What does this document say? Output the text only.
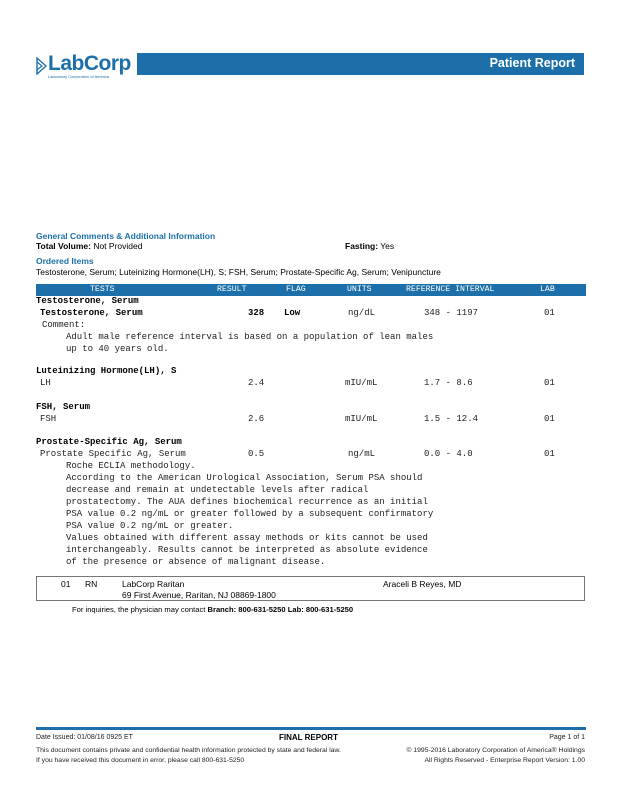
LabCorp
Laboratory Corporation of America
Patient Report
General Comments & Additional Information
Total Volume: Not Provided	Fasting: Yes
Ordered Items
Testosterone, Serum; Luteinizing Hormone(LH), S; FSH, Serum; Prostate-Specific Ag, Serum; Venipuncture
TESTS	RESULT	FLAG	UNITS	REFERENCE INTERVAL	LAB
Testosterone, Serum
Testosterone, Serum	328 Low	ng/dL	348 - 1197	01
Comment:
Adult male reference interval is based on a population of lean males
up to 40 years old.
Luteinizing Hormone(LH), S
LH	2.4	mIU/mL	1.7 - 8.6	01
FSH, Serum
FSH	2.6	mIU/mL	1.5 - 12.4	01
Prostate-Specific Ag, Serum
Prostate Specific Ag, Serum	0.5	ng/mL	0.0 - 4.0	01
Roche ECLIA methodology.
According to the American Urological Association, Serum PSA should
decrease and remain at undetectable levels after radical
prostatectomy. The AUA defines biochemical recurrence as an initial
PSA value 0.2 ng/mL or greater followed by a subsequent confirmatory
PSA value 0.2 ng/mL or greater.
Values obtained with different assay methods or kits cannot be used
interchangeably. Results cannot be interpreted as absolute evidence
of the presence or absence of malignant disease.
01 RN	LabCorp Raritan
69 First Avenue, Raritan, NJ 08869-1800
Araceli B Reyes, MD
For inquiries, the physician may contact Branch: 800-631-5250 Lab: 800-631-5250
Date Issued: 01/08/16 0925 ET	FINAL REPORT	Page 1 of 1
This document contains private and confidential health information protected by state and federal law.
If you have received this document in error, please call 800-631-5250
© 1995-2016 Laboratory Corporation of America® Holdings
All Rights Reserved - Enterprise Report Version: 1.00
